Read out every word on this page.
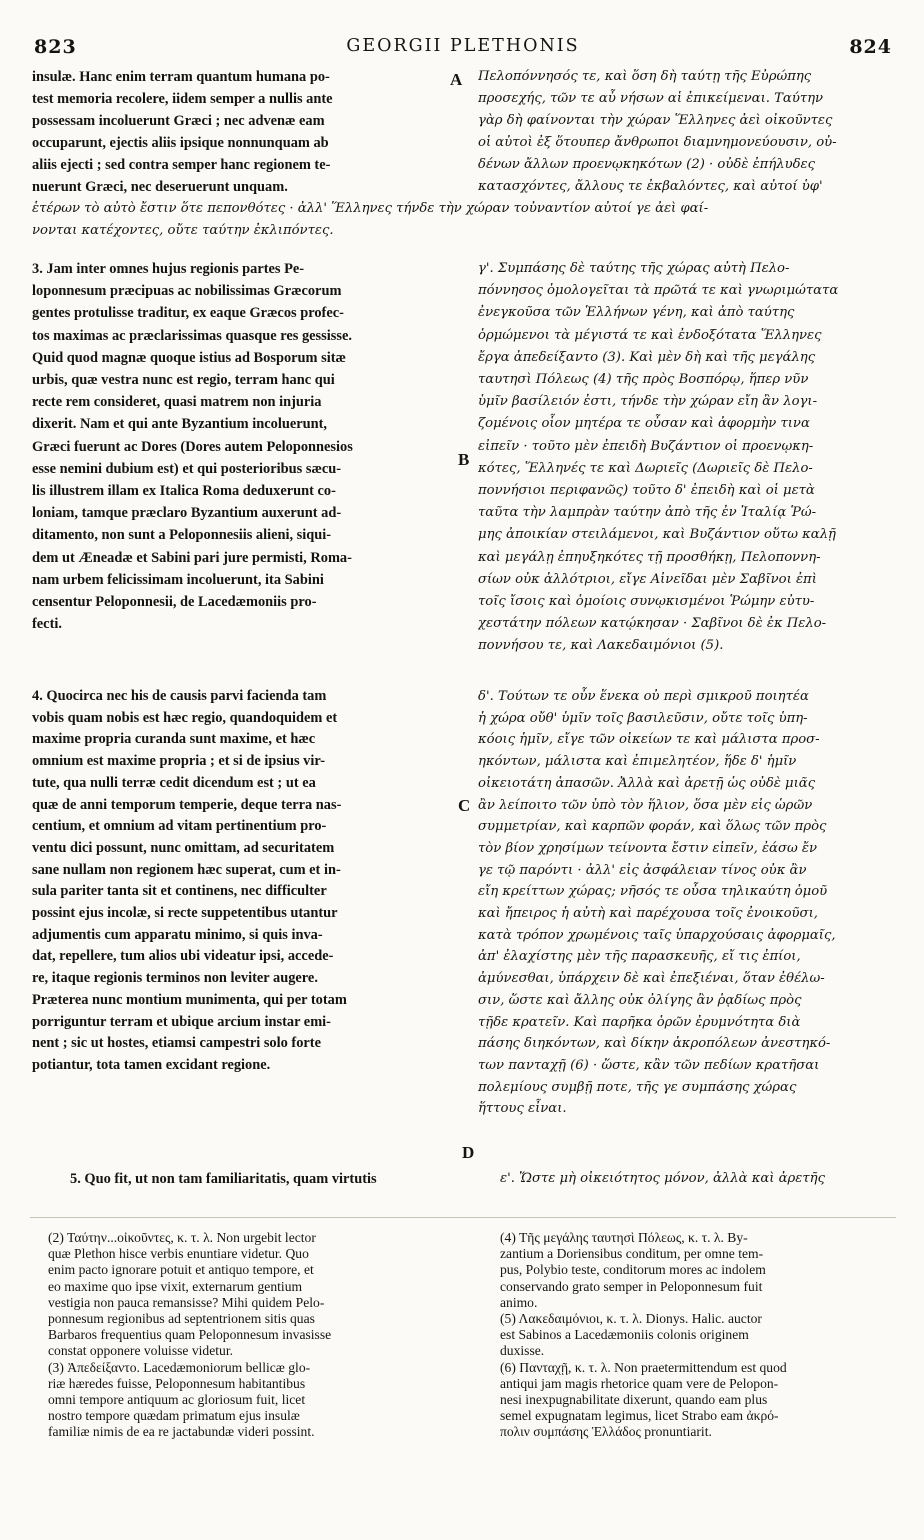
823	GEORGII PLETHONIS	824
insulæ. Hanc enim terram quantum humana po-
test memoria recolere, iidem semper a nullis ante
possessam incoluerunt Græci ; nec advenæ eam
occuparunt, ejectis aliis ipsique nonnunquam ab
aliis ejecti ; sed contra semper hanc regionem te-
nuerunt Græci, nec deseruerunt unquam.
Πελοπόννησός τε, καὶ ὅση δὴ ταύτῃ τῆς Εὐρώπης
προσεχής, τῶν τε αὖ νήσων αἱ ἐπικείμεναι. Ταύτην
γὰρ δὴ φαίνονται τὴν χώραν Ἕλληνες ἀεὶ οἰκοῦντες
οἱ αὐτοὶ ἐξ ὅτουπερ ἄνθρωποι διαμνημονεύουσιν, οὐ-
δένων ἄλλων προενῳκηκότων (2) · οὐδὲ ἐπήλυδες
κατασχόντες, ἄλλους τε ἐκβαλόντες, καὶ αὐτοί ὑφ'
ἑτέρων τὸ αὐτὸ ἔστιν ὅτε πεπονθότες · ἀλλ' Ἕλληνες τήνδε τὴν χώραν τοὐναντίον αὐτοί γε ἀεὶ φαί-
νονται κατέχοντες, οὔτε ταύτην ἐκλιπόντες.
3. Jam inter omnes hujus regionis partes Pe-
loponnesum præcipuas ac nobilissimas Græcorum
gentes protulisse traditur, ex eaque Græcos profec-
tos maximas ac præclarissimas quasque res gessisse.
Quid quod magnæ quoque istius ad Bosporum sitæ
urbis, quæ vestra nunc est regio, terram hanc qui
recte rem consideret, quasi matrem non injuria
dixerit. Nam et qui ante Byzantium incoluerunt,
Græci fuerunt ac Dores (Dores autem Peloponnesios
esse nemini dubium est) et qui posterioribus sæcu-
lis illustrem illam ex Italica Roma deduxerunt co-
loniam, tamque præclaro Byzantium auxerunt ad-
ditamento, non sunt a Peloponnesiis alieni, siqui-
dem ut Æneadæ et Sabini pari jure permisti, Roma-
nam urbem felicissimam incoluerunt, ita Sabini
censentur Peloponnesii, de Lacedæmoniis pro-
fecti.
γ'. Συμπάσης δὲ ταύτης τῆς χώρας αὐτὴ Πελο-
πόννησος ὁμολογεῖται τὰ πρῶτά τε καὶ γνωριμώτατα
ἐνεγκοῦσα τῶν Ἑλλήνων γένη, καὶ ἀπὸ ταύτης
ὁρμώμενοι τὰ μέγιστά τε καὶ ἐνδοξότατα Ἕλληνες
ἔργα ἀπεδείξαντο (3). Καὶ μὲν δὴ καὶ τῆς μεγάλης
ταυτησὶ Πόλεως (4) τῆς πρὸς Βοσπόρῳ, ἥπερ νῦν
ὑμῖν βασίλειόν ἐστι, τήνδε τὴν χώραν εἴη ἂν λογι-
ζομένοις οἷον μητέρα τε οὖσαν καὶ ἀφορμὴν τινα
εἰπεῖν · τοῦτο μὲν ἐπειδὴ Βυζάντιον οἱ προενῳκη-
κότες, Ἕλληνές τε καὶ Δωριεῖς (Δωριεῖς δὲ Πελο-
ποννήσιοι περιφανῶς) τοῦτο δ' ἐπειδὴ καὶ οἱ μετὰ
ταῦτα τὴν λαμπρὰν ταύτην ἀπὸ τῆς ἐν Ἰταλίᾳ Ῥώ-
μης ἀποικίαν στειλάμενοι, καὶ Βυζάντιον οὕτω καλῇ
καὶ μεγάλῃ ἐπηυξηκότες τῇ προσθήκῃ, Πελοποννη-
σίων οὐκ ἀλλότριοι, εἴγε Αἰνεῖδαι μὲν Σαβῖνοι ἐπὶ
τοῖς ἴσοις καὶ ὁμοίοις συνῳκισμένοι Ῥώμην εὐτυ-
χεστάτην πόλεων κατῴκησαν · Σαβῖνοι δὲ ἐκ Πελο-
ποννήσου τε, καὶ Λακεδαιμόνιοι (5).
4. Quocirca nec his de causis parvi facienda tam
vobis quam nobis est hæc regio, quandoquidem et
maxime propria curanda sunt maxime, et hæc
omnium est maxime propria ; et si de ipsius vir-
tute, qua nulli terræ cedit dicendum est ; ut ea
quæ de anni temporum temperie, deque terra nas-
centium, et omnium ad vitam pertinentium pro-
ventu dici possunt, nunc omittam, ad securitatem
sane nullam non regionem hæc superat, cum et in-
sula pariter tanta sit et continens, nec difficulter
possint ejus incolæ, si recte suppetentibus utantur
adjumentis cum apparatu minimo, si quis inva-
dat, repellere, tum alios ubi videatur ipsi, accede-
re, itaque regionis terminos non leviter augere.
Præterea nunc montium munimenta, qui per totam
porriguntur terram et ubique arcium instar emi-
nent ; sic ut hostes, etiamsi campestri solo forte
potiantur, tota tamen excidant regione.
δ'. Τούτων τε οὖν ἕνεκα οὐ περὶ σμικροῦ ποιητέα
ἡ χώρα οὔθ' ὑμῖν τοῖς βασιλεῦσιν, οὔτε τοῖς ὑπη-
κόοις ἡμῖν, εἴγε τῶν οἰκείων τε καὶ μάλιστα προσ-
ηκόντων, μάλιστα καὶ ἐπιμελητέον, ἥδε δ' ἡμῖν
οἰκειοτάτη ἁπασῶν. Ἀλλὰ καὶ ἀρετῇ ὡς οὐδὲ μιᾶς
ἂν λείποιτο τῶν ὑπὸ τὸν ἥλιον, ὅσα μὲν εἰς ὡρῶν
συμμετρίαν, καὶ καρπῶν φοράν, καὶ ὅλως τῶν πρὸς
τὸν βίον χρησίμων τείνοντα ἔστιν εἰπεῖν, ἐάσω ἔν
γε τῷ παρόντι · ἀλλ' εἰς ἀσφάλειαν τίνος οὐκ ἂν
εἴη κρείττων χώρας; νῆσός τε οὖσα τηλικαύτη ὁμοῦ
καὶ ἤπειρος ἡ αὐτὴ καὶ παρέχουσα τοῖς ἐνοικοῦσι,
κατὰ τρόπον χρωμένοις ταῖς ὑπαρχούσαις ἀφορμαῖς,
ἀπ' ἐλαχίστης μὲν τῆς παρασκευῆς, εἴ τις ἐπίοι,
ἀμύνεσθαι, ὑπάρχειν δὲ καὶ ἐπεξιέναι, ὅταν ἐθέλω-
σιν, ὥστε καὶ ἄλλης οὐκ ὀλίγης ἂν ῥᾳδίως πρὸς
τῇδε κρατεῖν. Καὶ παρῆκα ὁρῶν ἐρυμνότητα διὰ
πάσης διηκόντων, καὶ δίκην ἀκροπόλεων ἀνεστηκό-
των πανταχῇ (6) · ὥστε, κἂν τῶν πεδίων κρατῆσαι
πολεμίους συμβῇ ποτε, τῆς γε συμπάσης χώρας
ἥττους εἶναι.
5. Quo fit, ut non tam familiaritatis, quam virtutis	ε'. Ὥστε μὴ οἰκειότητος μόνον, ἀλλὰ καὶ ἀρετῆς
A
B
C
D
(2) Ταύτην...οἰκοῦντες, κ. τ. λ. Non urgebit lector
quæ Plethon hisce verbis enuntiare videtur. Quo
enim pacto ignorare potuit et antiquo tempore, et
eo maxime quo ipse vixit, externarum gentium
vestigia non pauca remansisse? Mihi quidem Pelo-
ponnesum regionibus ad septentrionem sitis quas
Barbaros frequentius quam Peloponnesum invasisse
constat opponere voluisse videtur.
(3) Ἀπεδείξαντο. Lacedæmoniorum bellicæ glo-
riæ hæredes fuisse, Peloponnesum habitantibus
omni tempore antiquum ac gloriosum fuit, licet
nostro tempore quædam primatum ejus insulæ
familiæ nimis de ea re jactabundæ videri possint.
(4) Τῆς μεγάλης ταυτησὶ Πόλεως, κ. τ. λ. By-
zantium a Doriensibus conditum, per omne tem-
pus, Polybio teste, conditorum mores ac indolem
conservando grato semper in Peloponnesum fuit
animo.
(5) Λακεδαιμόνιοι, κ. τ. λ. Dionys. Halic. auctor
est Sabinos a Lacedæmoniis colonis originem
duxisse.
(6) Πανταχῇ, κ. τ. λ. Non praetermittendum est quod
antiqui jam magis rhetorice quam vere de Pelopon-
nesi inexpugnabilitate dixerunt, quando eam plus
semel expugnatam legimus, licet Strabo eam ἀκρό-
πολιν συμπάσης Ἑλλάδος pronuntiarit.
